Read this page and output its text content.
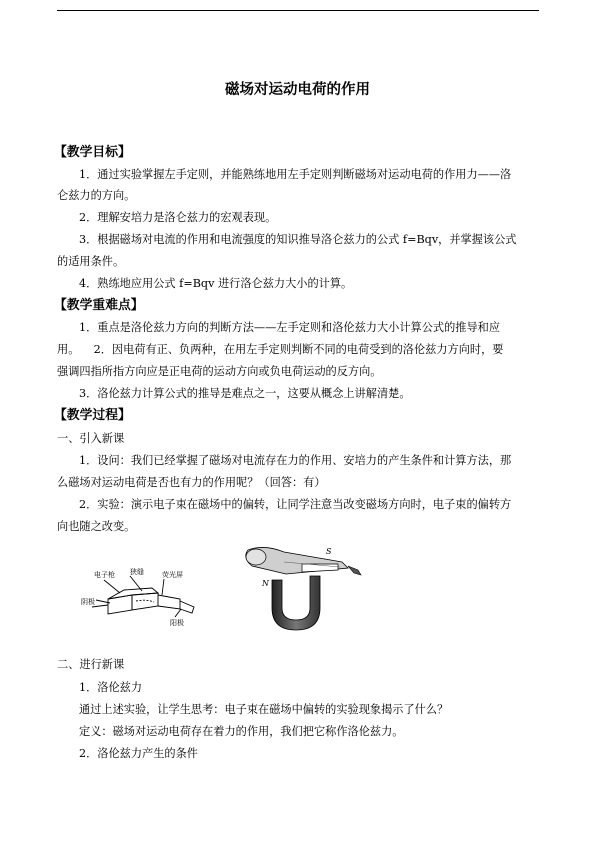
磁场对运动电荷的作用
【教学目标】
1．通过实验掌握左手定则，并能熟练地用左手定则判断磁场对运动电荷的作用力——洛
仑兹力的方向。
2．理解安培力是洛仑兹力的宏观表现。
3．根据磁场对电流的作用和电流强度的知识推导洛仑兹力的公式 f=Bqv，并掌握该公式
的适用条件。
4．熟练地应用公式 f=Bqv 进行洛仑兹力大小的计算。
【教学重难点】
1．重点是洛伦兹力方向的判断方法——左手定则和洛伦兹力大小计算公式的推导和应
用。    2．因电荷有正、负两种，在用左手定则判断不同的电荷受到的洛伦兹力方向时，要
强调四指所指方向应是正电荷的运动方向或负电荷运动的反方向。
3．洛伦兹力计算公式的推导是难点之一，这要从概念上讲解清楚。
【教学过程】
一、引入新课
1．设问：我们已经掌握了磁场对电流存在力的作用、安培力的产生条件和计算方法，那
么磁场对运动电荷是否也有力的作用呢？（回答：有）
2．实验：演示电子束在磁场中的偏转，让同学注意当改变磁场方向时，电子束的偏转方
向也随之改变。
电子枪 狭缝	荧光屏
阴极
阳极
S
N
二、进行新课
1．洛伦兹力
通过上述实验，让学生思考：电子束在磁场中偏转的实验现象揭示了什么？
定义：磁场对运动电荷存在着力的作用，我们把它称作洛伦兹力。
2．洛伦兹力产生的条件
